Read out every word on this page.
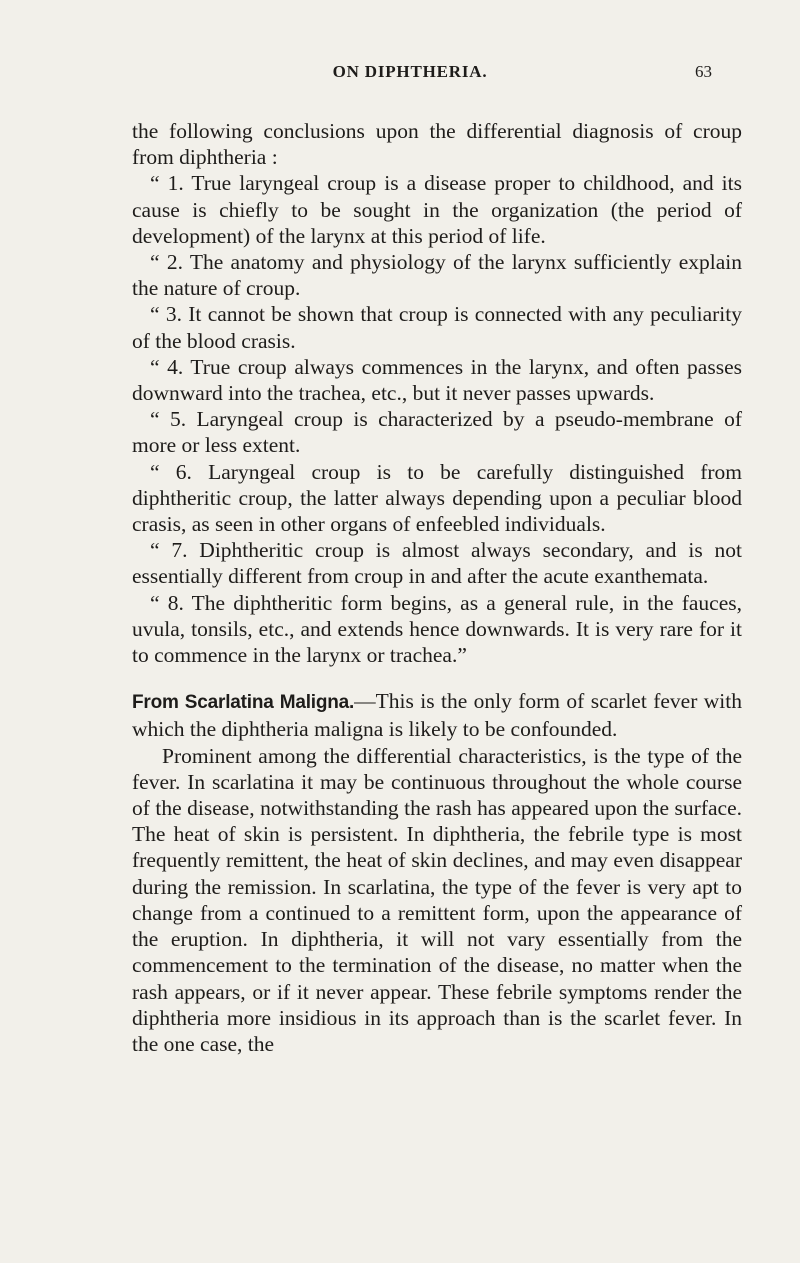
ON DIPHTHERIA.	63

the following conclusions upon the differential diagnosis of croup from diphtheria :

“ 1. True laryngeal croup is a disease proper to childhood, and its cause is chiefly to be sought in the organization (the period of development) of the larynx at this period of life.

“ 2. The anatomy and physiology of the larynx sufficiently explain the nature of croup.

“ 3. It cannot be shown that croup is connected with any peculiarity of the blood crasis.

“ 4. True croup always commences in the larynx, and often passes downward into the trachea, etc., but it never passes upwards.

“ 5. Laryngeal croup is characterized by a pseudo-membrane of more or less extent.

“ 6. Laryngeal croup is to be carefully distinguished from diphtheritic croup, the latter always depending upon a peculiar blood crasis, as seen in other organs of enfeebled individuals.

“ 7. Diphtheritic croup is almost always secondary, and is not essentially different from croup in and after the acute exanthemata.

“ 8. The diphtheritic form begins, as a general rule, in the fauces, uvula, tonsils, etc., and extends hence downwards. It is very rare for it to commence in the larynx or trachea.”

From Scarlatina Maligna.—This is the only form of scarlet fever with which the diphtheria maligna is likely to be confounded.

Prominent among the differential characteristics, is the type of the fever. In scarlatina it may be continuous throughout the whole course of the disease, notwithstanding the rash has appeared upon the surface. The heat of skin is persistent. In diphtheria, the febrile type is most frequently remittent, the heat of skin declines, and may even disappear during the remission. In scarlatina, the type of the fever is very apt to change from a continued to a remittent form, upon the appearance of the eruption. In diphtheria, it will not vary essentially from the commencement to the termination of the disease, no matter when the rash appears, or if it never appear. These febrile symptoms render the diphtheria more insidious in its approach than is the scarlet fever. In the one case, the
